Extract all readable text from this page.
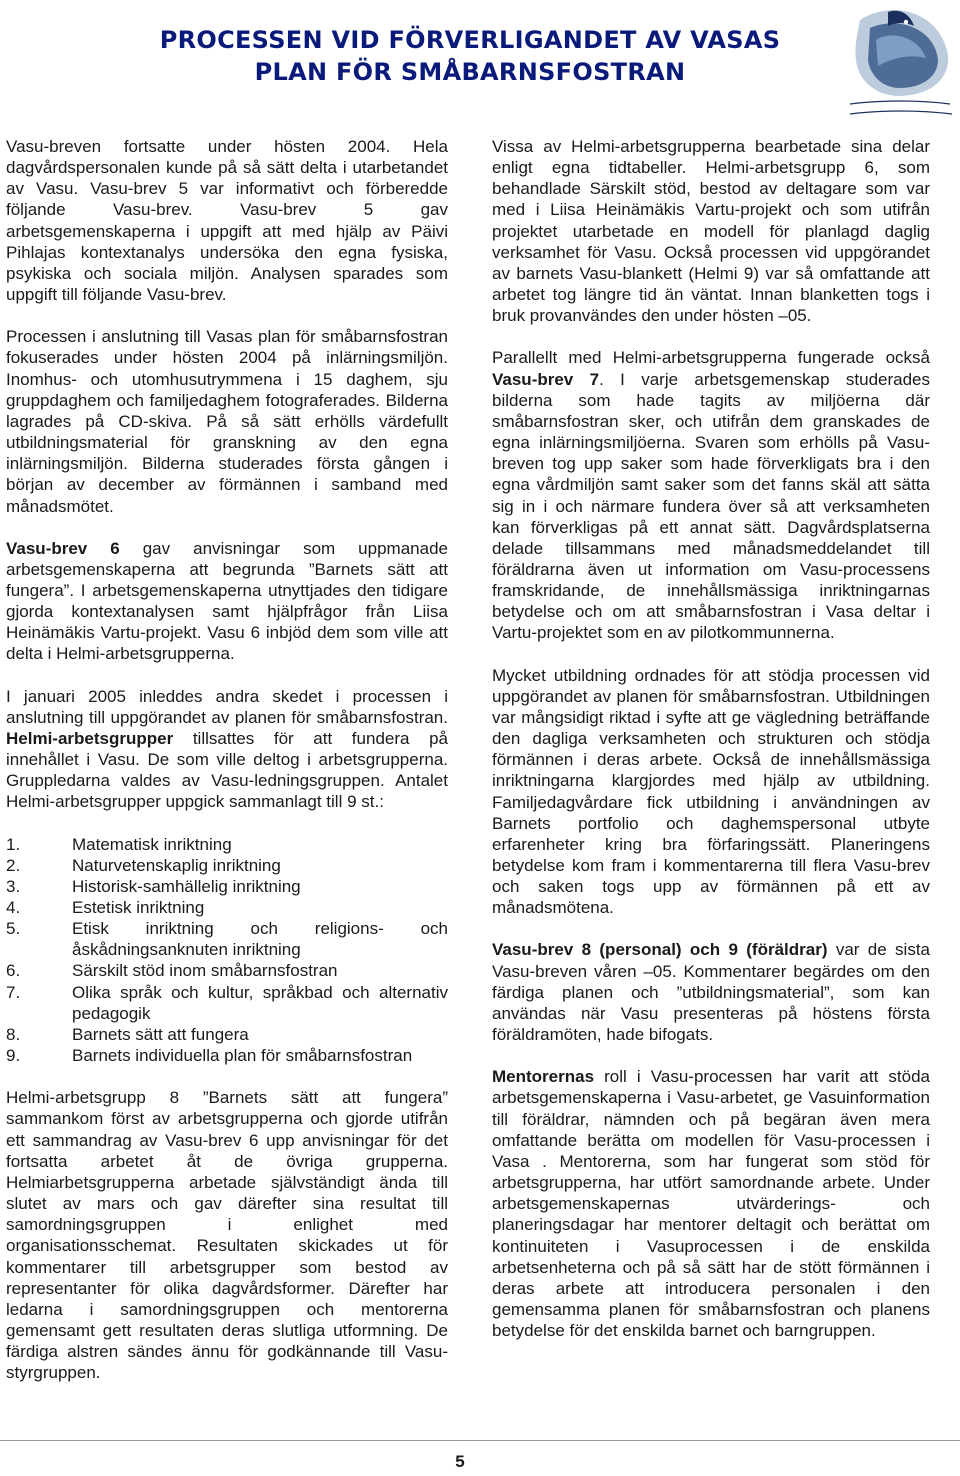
PROCESSEN VID FÖRVERLIGANDET AV VASAS PLAN FÖR SMÅBARNSFOSTRAN

Vasu-breven fortsatte under hösten 2004. Hela dagvårdspersonalen kunde på så sätt delta i utarbetandet av Vasu. Vasu-brev 5 var informativt och förberedde följande Vasu-brev. Vasu-brev 5 gav arbetsgemenskaperna i uppgift att med hjälp av Päivi Pihlajas kontextanalys undersöka den egna fysiska, psykiska och sociala miljön. Analysen sparades som uppgift till följande Vasu-brev.

Processen i anslutning till Vasas plan för småbarnsfostran fokuserades under hösten 2004 på inlärningsmiljön. Inomhus- och utomhusutrymmena i 15 daghem, sju gruppdaghem och familjedaghem fotograferades. Bilderna lagrades på CD-skiva. På så sätt erhölls värdefullt utbildningsmaterial för granskning av den egna inlärningsmiljön. Bilderna studerades första gången i början av december av förmännen i samband med månadsmötet.

Vasu-brev 6 gav anvisningar som uppmanade arbetsgemenskaperna att begrunda ”Barnets sätt att fungera”. I arbetsgemenskaperna utnyttjades den tidigare gjorda kontextanalysen samt hjälpfrågor från Liisa Heinämäkis Vartu-projekt. Vasu 6 inbjöd dem som ville att delta i Helmi-arbetsgrupperna.

I januari 2005 inleddes andra skedet i processen i anslutning till uppgörandet av planen för småbarnsfostran. Helmi-arbetsgrupper tillsattes för att fundera på innehållet i Vasu. De som ville deltog i arbetsgrupperna. Gruppledarna valdes av Vasu-ledningsgruppen. Antalet Helmi-arbetsgrupper uppgick sammanlagt till 9 st.:

1.	Matematisk inriktning
2.	Naturvetenskaplig inriktning
3.	Historisk-samhällelig inriktning
4.	Estetisk inriktning
5.	Etisk inriktning och religions- och åskådningsanknuten inriktning
6.	Särskilt stöd inom småbarnsfostran
7.	Olika språk och kultur, språkbad och alternativ pedagogik
8.	Barnets sätt att fungera
9.	Barnets individuella plan för småbarnsfostran

Helmi-arbetsgrupp 8 ”Barnets sätt att fungera” sammankom först av arbetsgrupperna och gjorde utifrån ett sammandrag av Vasu-brev 6 upp anvisningar för det fortsatta arbetet åt de övriga grupperna. Helmiarbetsgrupperna arbetade självständigt ända till slutet av mars och gav därefter sina resultat till samordningsgruppen i enlighet med organisationsschemat. Resultaten skickades ut för kommentarer till arbetsgrupper som bestod av representanter för olika dagvårdsformer. Därefter har ledarna i samordningsgruppen och mentorerna gemensamt gett resultaten deras slutliga utformning. De färdiga alstren sändes ännu för godkännande till Vasu-styrgruppen.

Vissa av Helmi-arbetsgrupperna bearbetade sina delar enligt egna tidtabeller. Helmi-arbetsgrupp 6, som behandlade Särskilt stöd, bestod av deltagare som var med i Liisa Heinämäkis Vartu-projekt och som utifrån projektet utarbetade en modell för planlagd daglig verksamhet för Vasu. Också processen vid uppgörandet av barnets Vasu-blankett (Helmi 9) var så omfattande att arbetet tog längre tid än väntat. Innan blanketten togs i bruk provanvändes den under hösten –05.

Parallellt med Helmi-arbetsgrupperna fungerade också Vasu-brev 7. I varje arbetsgemenskap studerades bilderna som hade tagits av miljöerna där småbarnsfostran sker, och utifrån dem granskades de egna inlärningsmiljöerna. Svaren som erhölls på Vasu-breven tog upp saker som hade förverkligats bra i den egna vårdmiljön samt saker som det fanns skäl att sätta sig in i och närmare fundera över så att verksamheten kan förverkligas på ett annat sätt. Dagvårdsplatserna delade tillsammans med månadsmeddelandet till föräldrarna även ut information om Vasu-processens framskridande, de innehållsmässiga inriktningarnas betydelse och om att småbarnsfostran i Vasa deltar i Vartu-projektet som en av pilotkommunnerna.

Mycket utbildning ordnades för att stödja processen vid uppgörandet av planen för småbarnsfostran. Utbildningen var mångsidigt riktad i syfte att ge vägledning beträffande den dagliga verksamheten och strukturen och stödja förmännen i deras arbete. Också de innehållsmässiga inriktningarna klargjordes med hjälp av utbildning. Familjedagvårdare fick utbildning i användningen av Barnets portfolio och daghemspersonal utbyte erfarenheter kring bra förfaringssätt. Planeringens betydelse kom fram i kommentarerna till flera Vasu-brev och saken togs upp av förmännen på ett av månadsmötena.

Vasu-brev 8 (personal) och 9 (föräldrar) var de sista Vasu-breven våren –05. Kommentarer begärdes om den färdiga planen och ”utbildningsmaterial”, som kan användas när Vasu presenteras på höstens första föräldramöten, hade bifogats.

Mentorernas roll i Vasu-processen har varit att stöda arbetsgemenskaperna i Vasu-arbetet, ge Vasuinformation till föräldrar, nämnden och på begäran även mera omfattande berätta om modellen för Vasu-processen i Vasa . Mentorerna, som har fungerat som stöd för arbetsgrupperna, har utfört samordnande arbete. Under arbetsgemenskapernas utvärderings- och planeringsdagar har mentorer deltagit och berättat om kontinuiteten i Vasuprocessen i de enskilda arbetsenheterna och på så sätt har de stött förmännen i deras arbete att introducera personalen i den gemensamma planen för småbarnsfostran och planens betydelse för det enskilda barnet och barngruppen.

5
